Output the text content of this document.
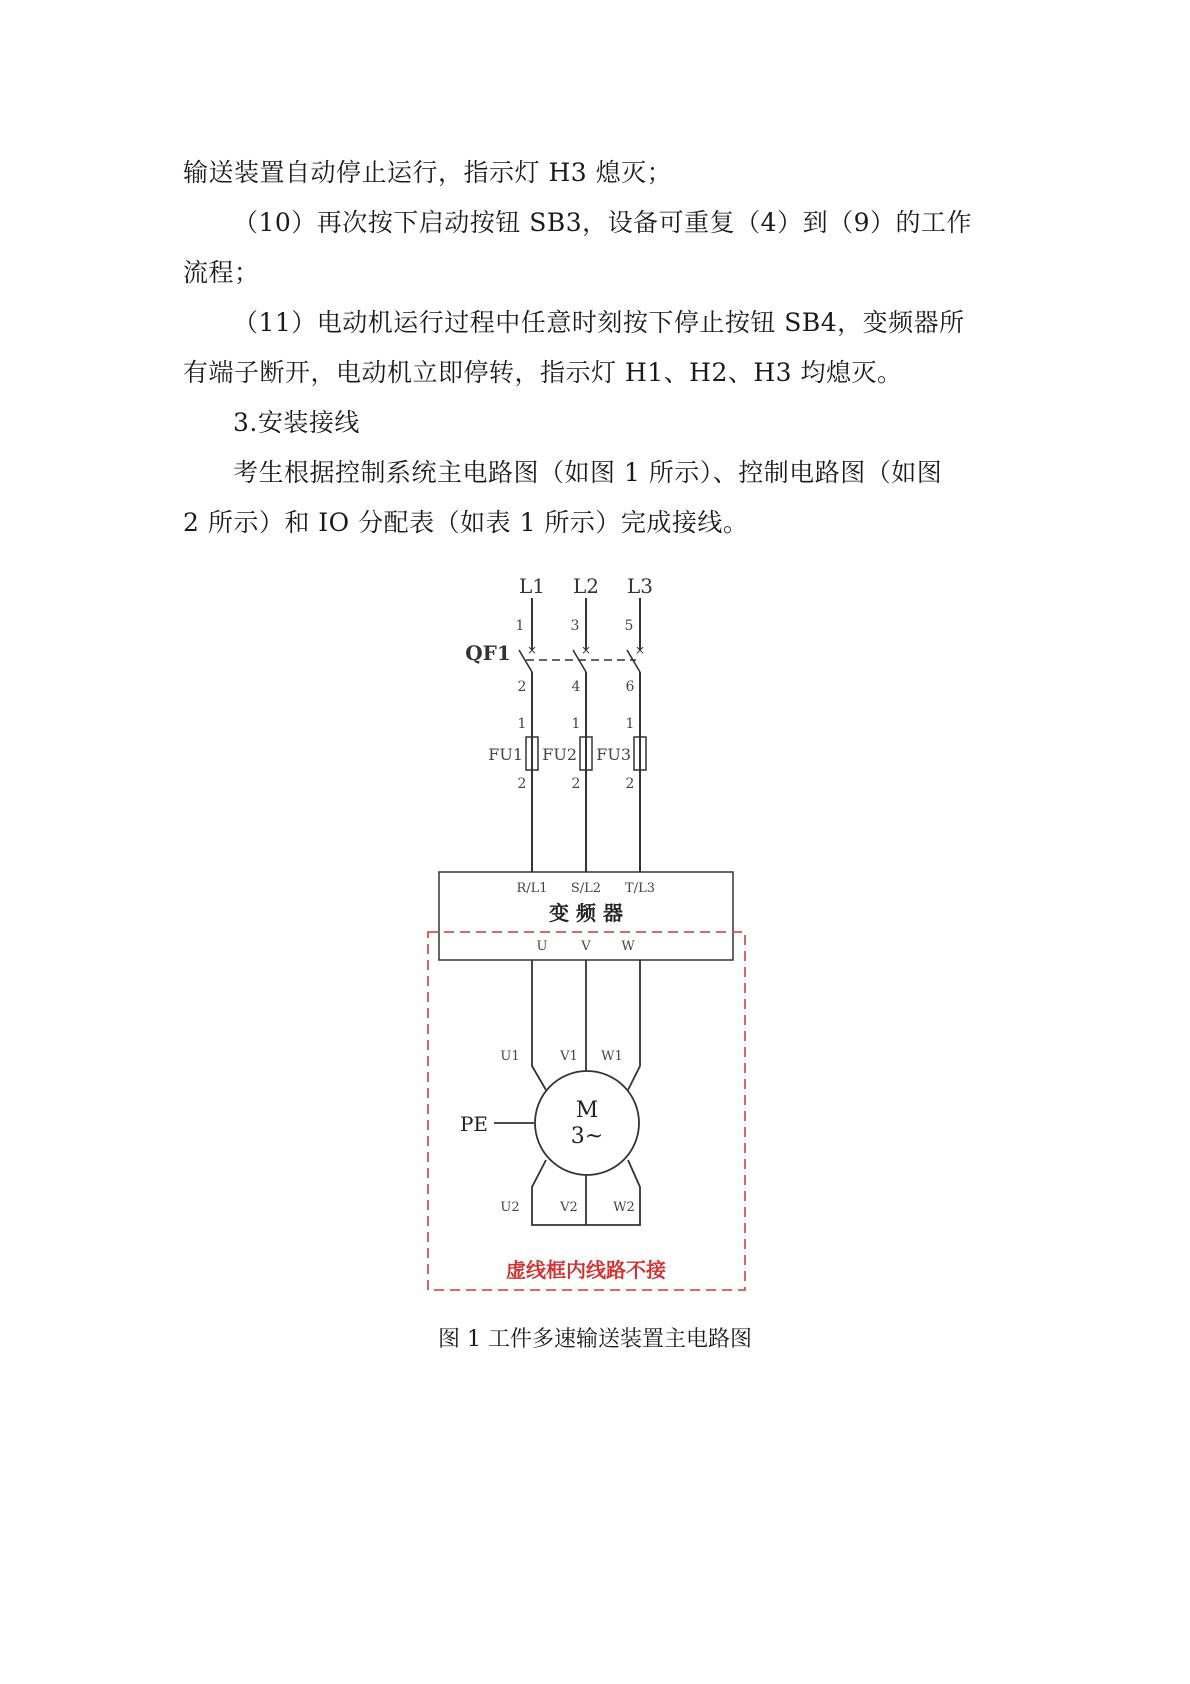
输送装置自动停止运行，指示灯 H3 熄灭；
（10）再次按下启动按钮 SB3，设备可重复（4）到（9）的工作
流程；
（11）电动机运行过程中任意时刻按下停止按钮 SB4，变频器所
有端子断开，电动机立即停转，指示灯 H1、H2、H3 均熄灭。
3.安装接线
考生根据控制系统主电路图（如图 1 所示）、控制电路图（如图
2 所示）和 IO 分配表（如表 1 所示）完成接线。
L1 L2 L3
1	3	5
×	×	×
QF1
2	4	6
1	1	1
2	2	2
FU1 FU2 FU3
R/L1 S/L2 T/L3
U	V W
变 频 器
M
3~
PE
U1	V1 W1
U2	V2	W2
虚线框内线路不接
图 1 工件多速输送装置主电路图
